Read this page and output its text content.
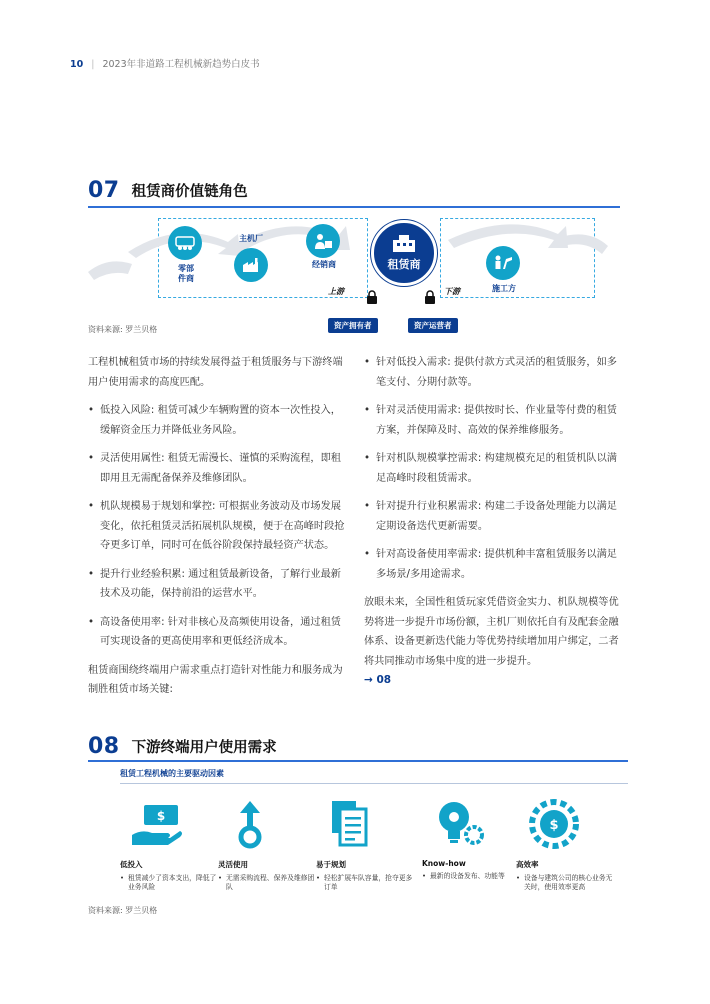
10 | 2023年非道路工程机械新趋势白皮书
07 租赁商价值链角色
零部
件商
主机厂
经销商	租赁商
施工方
上游	下游
资产拥有者	资产运营者
资料来源: 罗兰贝格

工程机械租赁市场的持续发展得益于租赁服务与下游终端用户使用需求的高度匹配。

• 低投入风险: 租赁可减少车辆购置的资本一次性投入，缓解资金压力并降低业务风险。
• 灵活使用属性: 租赁无需漫长、谨慎的采购流程，即租即用且无需配备保养及维修团队。
• 机队规模易于规划和掌控: 可根据业务波动及市场发展变化，依托租赁灵活拓展机队规模，便于在高峰时段抢夺更多订单，同时可在低谷阶段保持最轻资产状态。
• 提升行业经验积累: 通过租赁最新设备，了解行业最新技术及功能，保持前沿的运营水平。
• 高设备使用率: 针对非核心及高频使用设备，通过租赁可实现设备的更高使用率和更低经济成本。

租赁商围绕终端用户需求重点打造针对性能力和服务成为制胜租赁市场关键:

• 针对低投入需求: 提供付款方式灵活的租赁服务，如多笔支付、分期付款等。
• 针对灵活使用需求: 提供按时长、作业量等付费的租赁方案，并保障及时、高效的保养维修服务。
• 针对机队规模掌控需求: 构建规模充足的租赁机队以满足高峰时段租赁需求。
• 针对提升行业积累需求: 构建二手设备处理能力以满足定期设备迭代更新需要。
• 针对高设备使用率需求: 提供机种丰富租赁服务以满足多场景/多用途需求。

放眼未来，全国性租赁玩家凭借资金实力、机队规模等优势将进一步提升市场份额，主机厂则依托自有及配套金融体系、设备更新迭代能力等优势持续增加用户绑定，二者将共同推动市场集中度的进一步提升。

→ 08
08 下游终端用户使用需求
租赁工程机械的主要驱动因素
$
低投入
• 租赁减少了资本支出，降低了业务风险
灵活使用
• 无需采购流程、保养及维修团队
易于规划
• 轻松扩展车队容量，抢夺更多订单
Know-how
• 最新的设备发布、功能等
$
高效率
• 设备与建筑公司的核心业务无关时，使用效率更高
资料来源: 罗兰贝格
